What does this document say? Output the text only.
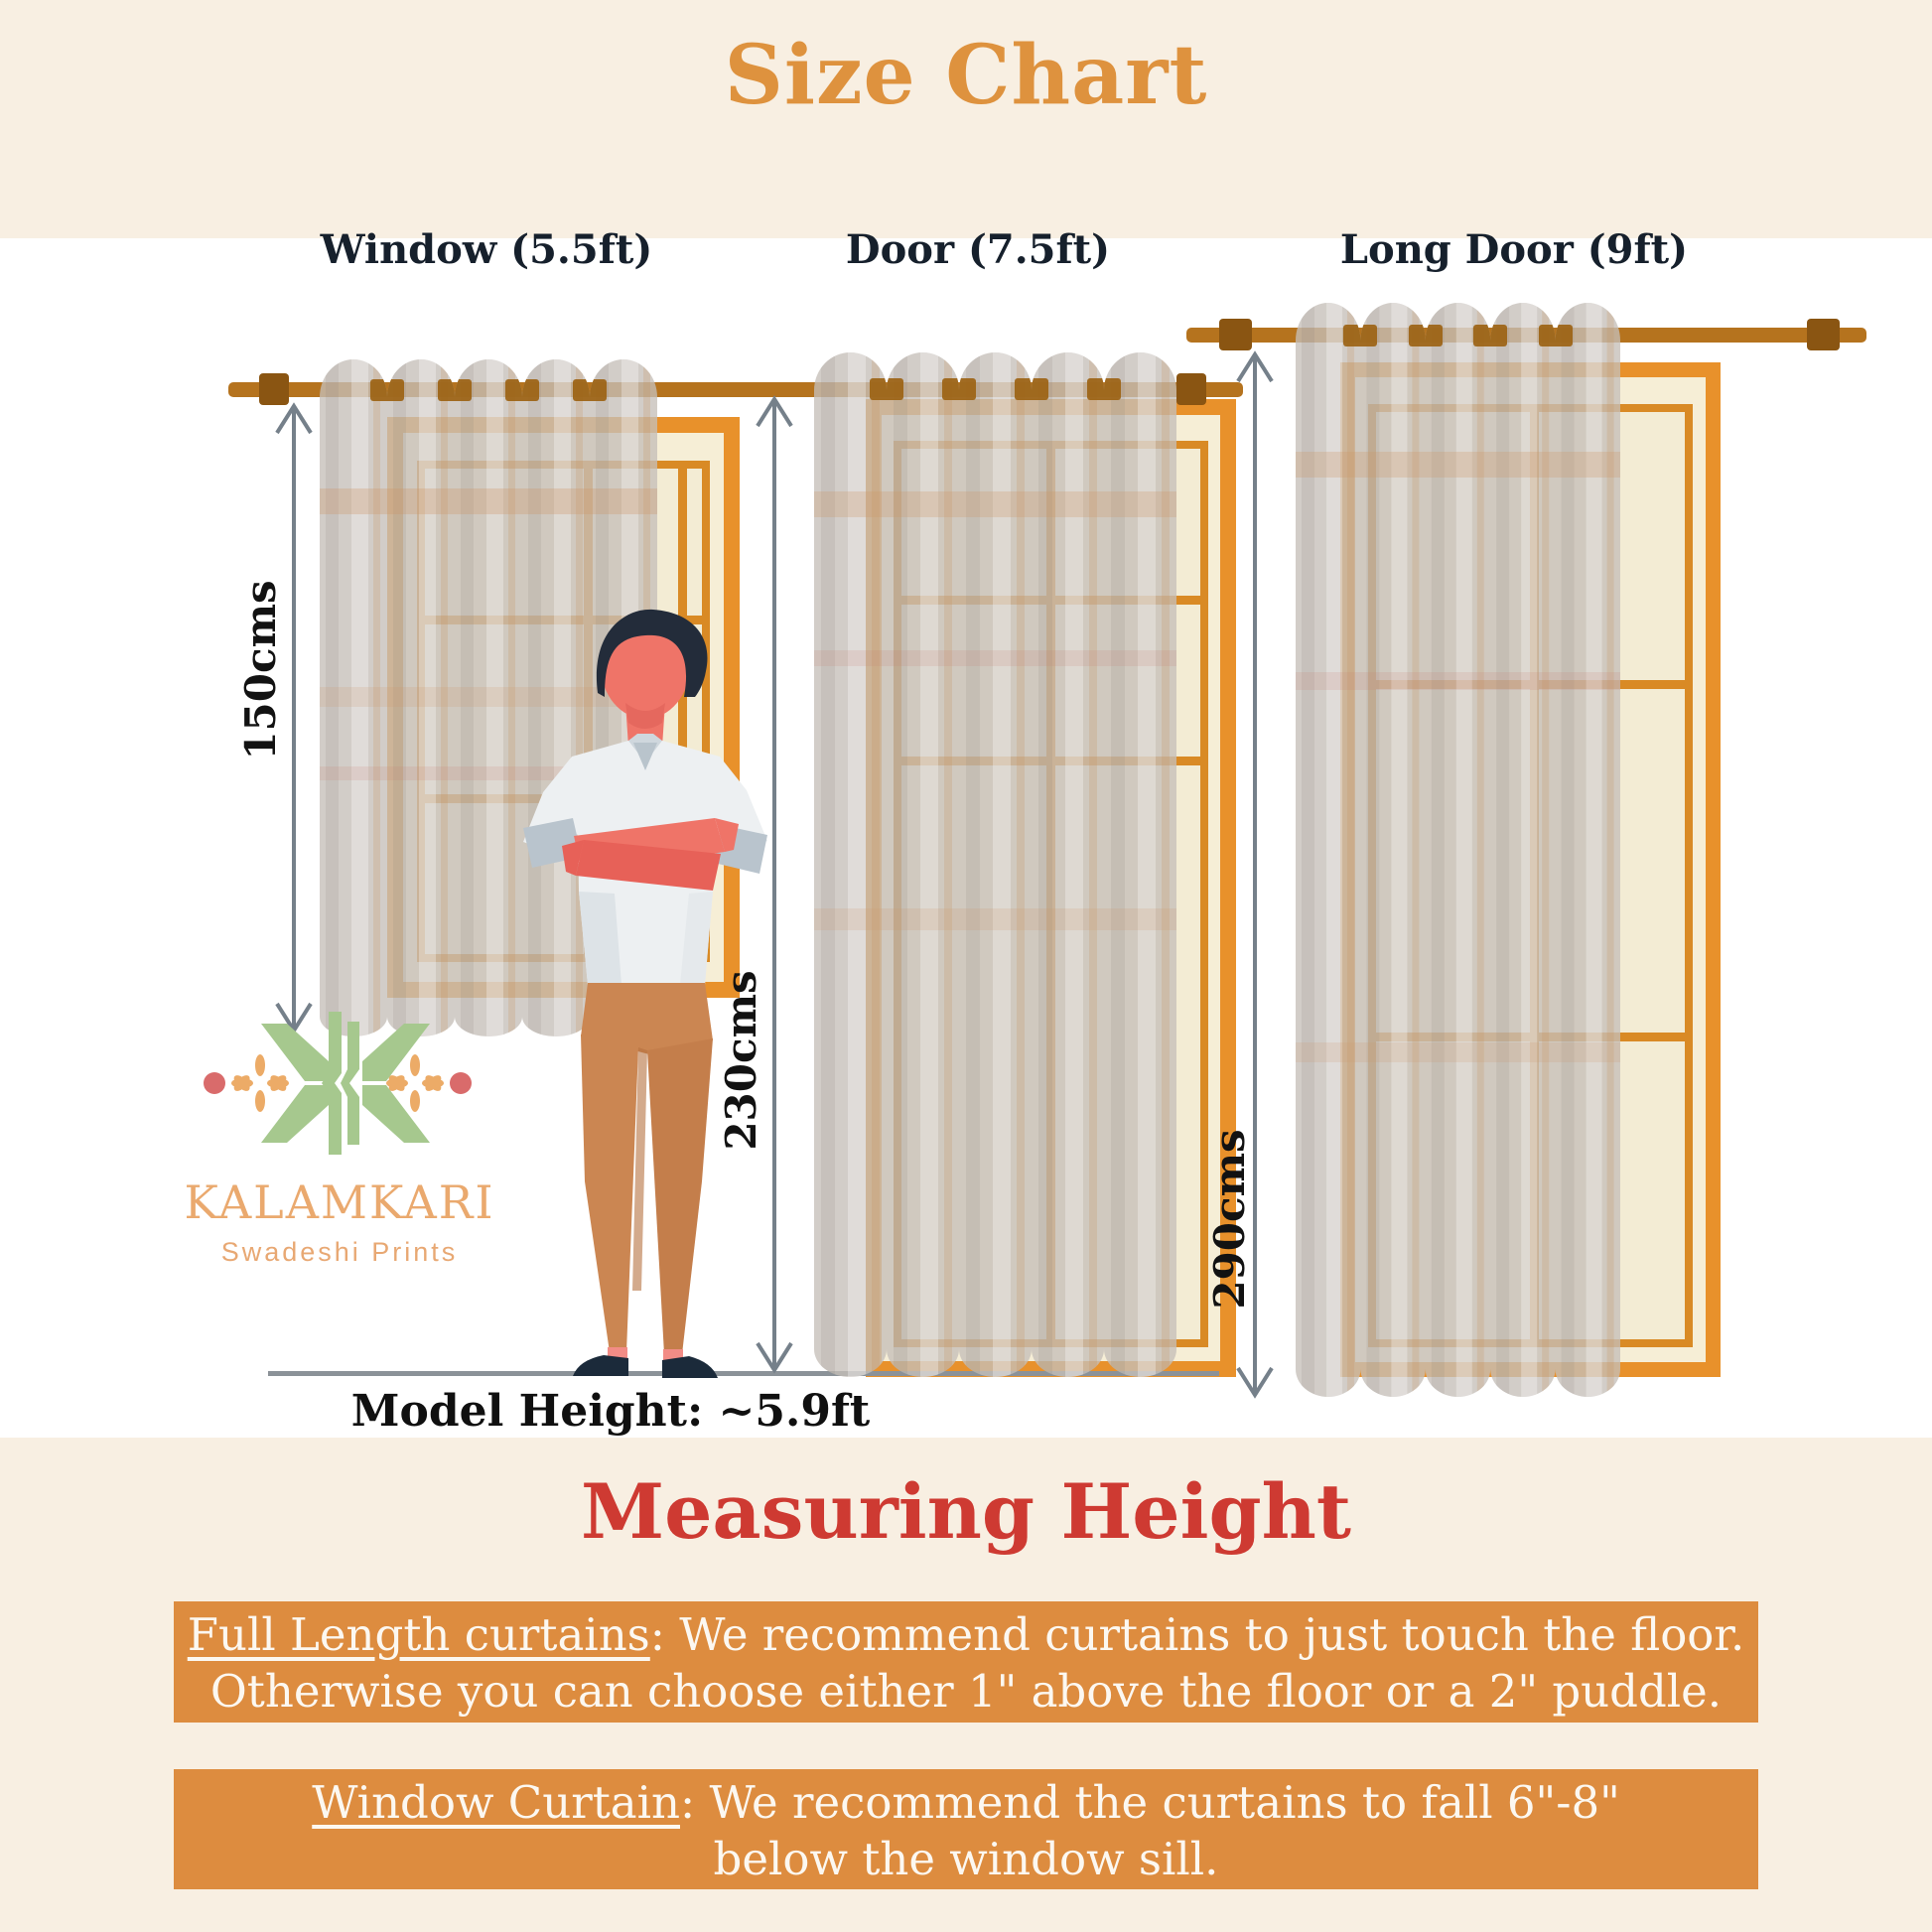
Size Chart
Window (5.5ft)	Door (7.5ft)	Long Door (9ft)
150cms
230cms
290cms
KALAMKARI
Swadeshi Prints
Model Height: ~5.9ft
Measuring Height
Full Length curtains: We recommend curtains to just touch the floor.
Otherwise you can choose either 1" above the floor or a 2" puddle.
Window Curtain: We recommend the curtains to fall 6"-8"
below the window sill.
